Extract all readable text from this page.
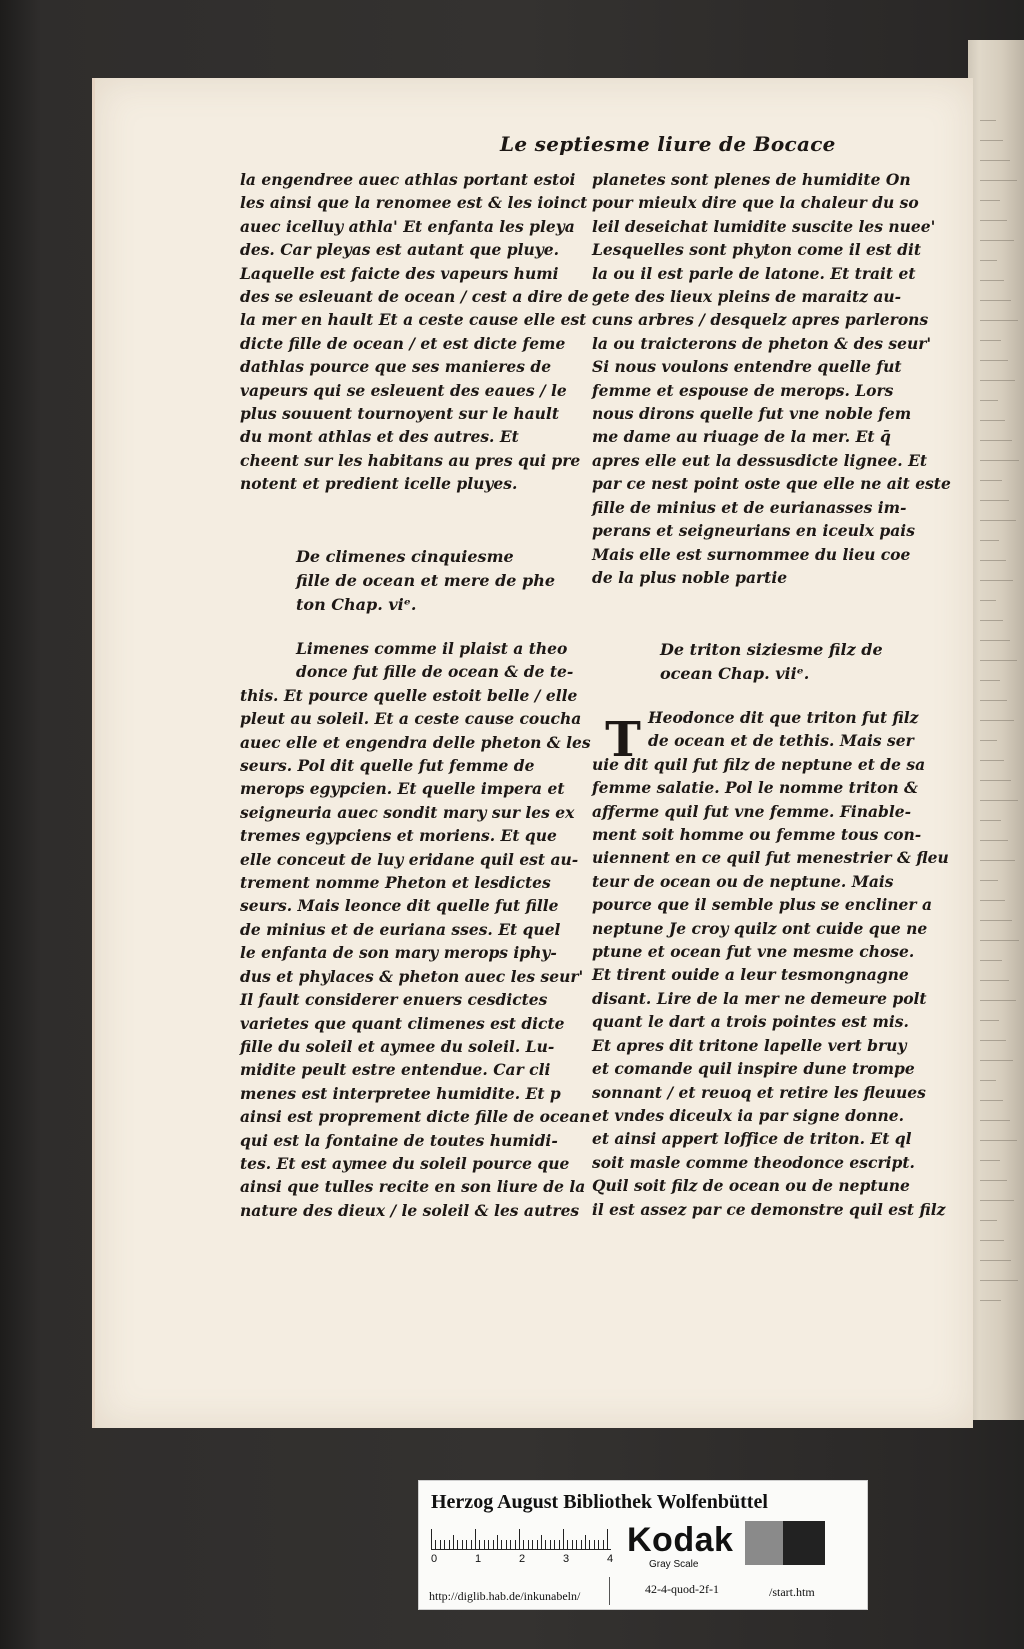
Le septiesme liure de Bocace

la engendree auec athlas portant estoi

les ainsi que la renomee est & les ioinct

auec icelluy athla' Et enfanta les pleya

des. Car pleyas est autant que pluye.

Laquelle est faicte des vapeurs humi

des se esleuant de ocean / cest a dire de

la mer en hault Et a ceste cause elle est

dicte fille de ocean / et est dicte feme

dathlas pource que ses manieres de

vapeurs qui se esleuent des eaues / le

plus souuent tournoyent sur le hault

du mont athlas et des autres. Et

cheent sur les habitans au pres qui pre

notent et predient icelle pluyes.

De climenes cinquiesme

fille de ocean et mere de phe

ton Chap. viᵉ.

Limenes comme il plaist a theo

donce fut fille de ocean & de te-

this. Et pource quelle estoit belle / elle

pleut au soleil. Et a ceste cause coucha

auec elle et engendra delle pheton & les

seurs. Pol dit quelle fut femme de

merops egypcien. Et quelle impera et

seigneuria auec sondit mary sur les ex

tremes egypciens et moriens. Et que

elle conceut de luy eridane quil est au-

trement nomme Pheton et lesdictes

seurs. Mais leonce dit quelle fut fille

de minius et de euriana sses. Et quel

le enfanta de son mary merops iphy-

dus et phylaces & pheton auec les seur'

Il fault considerer enuers cesdictes

varietes que quant climenes est dicte

fille du soleil et aymee du soleil. Lu-

midite peult estre entendue. Car cli

menes est interpretee humidite. Et p

ainsi est proprement dicte fille de ocean

qui est la fontaine de toutes humidi-

tes. Et est aymee du soleil pource que

ainsi que tulles recite en son liure de la

nature des dieux / le soleil & les autres

planetes sont plenes de humidite On

pour mieulx dire que la chaleur du so

leil deseichat lumidite suscite les nuee'

Lesquelles sont phyton come il est dit

la ou il est parle de latone. Et trait et

gete des lieux pleins de maraitz au-

cuns arbres / desquelz apres parlerons

la ou traicterons de pheton & des seur'

Si nous voulons entendre quelle fut

femme et espouse de merops. Lors

nous dirons quelle fut vne noble fem

me dame au riuage de la mer. Et q̄

apres elle eut la dessusdicte lignee. Et

par ce nest point oste que elle ne ait este

fille de minius et de eurianasses im-

perans et seigneurians en iceulx pais

Mais elle est surnommee du lieu coe

de la plus noble partie

De triton siziesme filz de

ocean Chap. viiᵉ.

T Heodonce dit que triton fut filz

de ocean et de tethis. Mais ser

uie dit quil fut filz de neptune et de sa

femme salatie. Pol le nomme triton &

afferme quil fut vne femme. Finable-

ment soit homme ou femme tous con-

uiennent en ce quil fut menestrier & fleu

teur de ocean ou de neptune. Mais

pource que il semble plus se encliner a

neptune Je croy quilz ont cuide que ne

ptune et ocean fut vne mesme chose.

Et tirent ouide a leur tesmongnagne

disant. Lire de la mer ne demeure polt

quant le dart a trois pointes est mis.

Et apres dit tritone lapelle vert bruy

et comande quil inspire dune trompe

sonnant / et reuoq et retire les fleuues

et vndes diceulx ia par signe donne.

et ainsi appert loffice de triton. Et ql

soit masle comme theodonce escript.

Quil soit filz de ocean ou de neptune

il est assez par ce demonstre quil est filz

Herzog August Bibliothek Wolfenbüttel
0	1	2	3	4 Kodak
Gray Scale
http://diglib.hab.de/inkunabeln/	42-4-quod-2f-1	/start.htm
